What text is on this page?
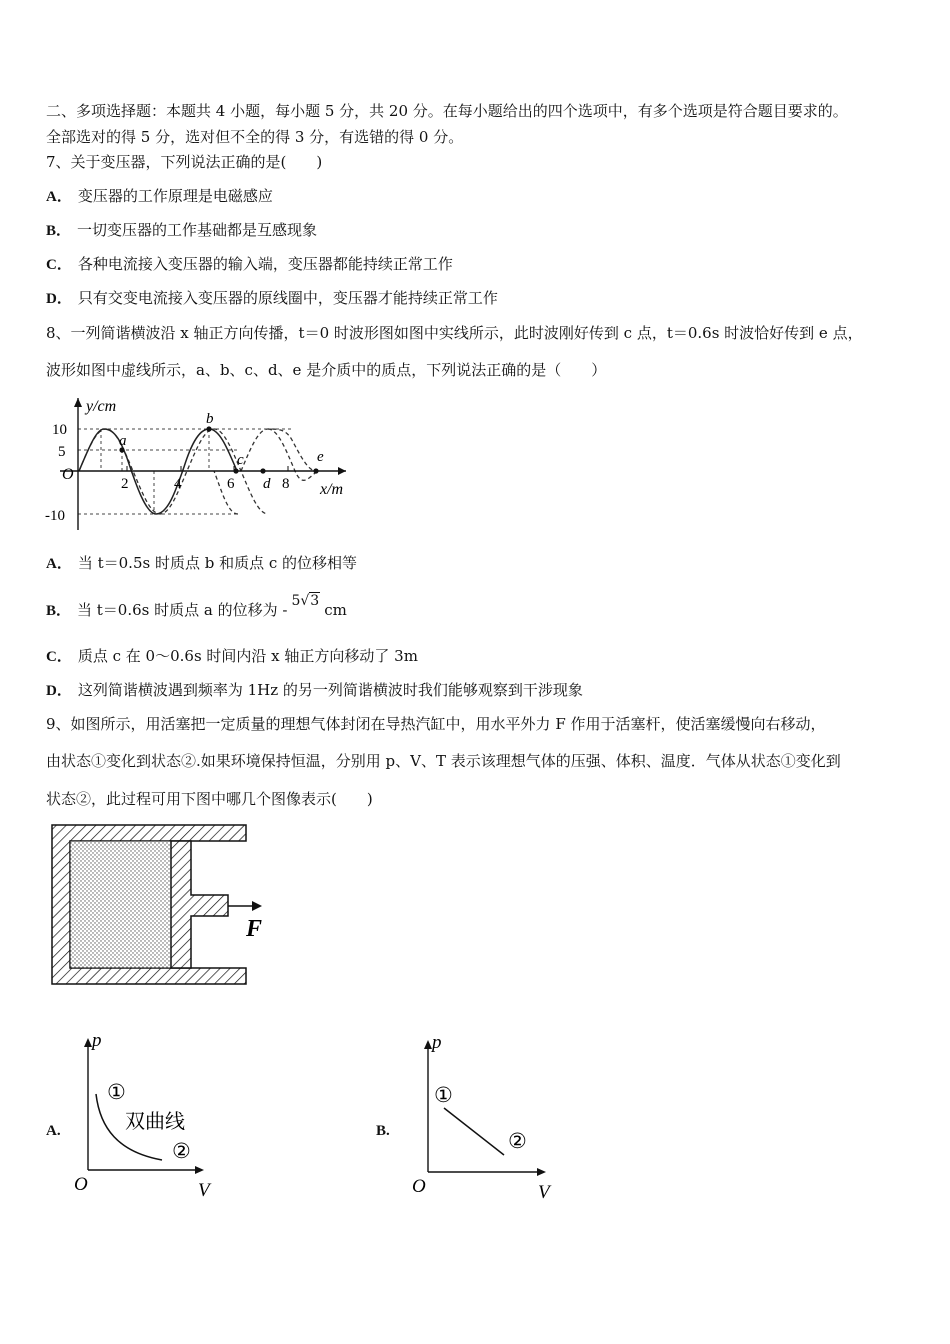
二、多项选择题：本题共 4 小题，每小题 5 分，共 20 分。在每小题给出的四个选项中，有多个选项是符合题目要求的。
全部选对的得 5 分，选对但不全的得 3 分，有选错的得 0 分。
7、关于变压器，下列说法正确的是(　　)
A． 变压器的工作原理是电磁感应
B． 一切变压器的工作基础都是互感现象
C． 各种电流接入变压器的输入端，变压器都能持续正常工作
D． 只有交变电流接入变压器的原线圈中，变压器才能持续正常工作
8、一列简谐横波沿 x 轴正方向传播，t＝0 时波形图如图中实线所示，此时波刚好传到 c 点，t＝0.6s 时波恰好传到 e 点，
波形如图中虚线所示，a、b、c、d、e 是介质中的质点，下列说法正确的是（　　）
y/cm
x/m
O
10
5
-10
2	4	6	8
a
b
c
d
e
A． 当 t＝0.5s 时质点 b 和质点 c 的位移相等
B． 当 t＝0.6s 时质点 a 的位移为 - 5√3 cm
C． 质点 c 在 0～0.6s 时间内沿 x 轴正方向移动了 3m
D． 这列简谐横波遇到频率为 1Hz 的另一列简谐横波时我们能够观察到干涉现象
9、如图所示，用活塞把一定质量的理想气体封闭在导热汽缸中，用水平外力 F 作用于活塞杆，使活塞缓慢向右移动，
由状态①变化到状态②.如果环境保持恒温，分别用 p、V、T 表示该理想气体的压强、体积、温度．气体从状态①变化到
状态②，此过程可用下图中哪几个图像表示(　　)
F
A.
p
V
O
①
②
双曲线	B.
p
V
O
①
②
